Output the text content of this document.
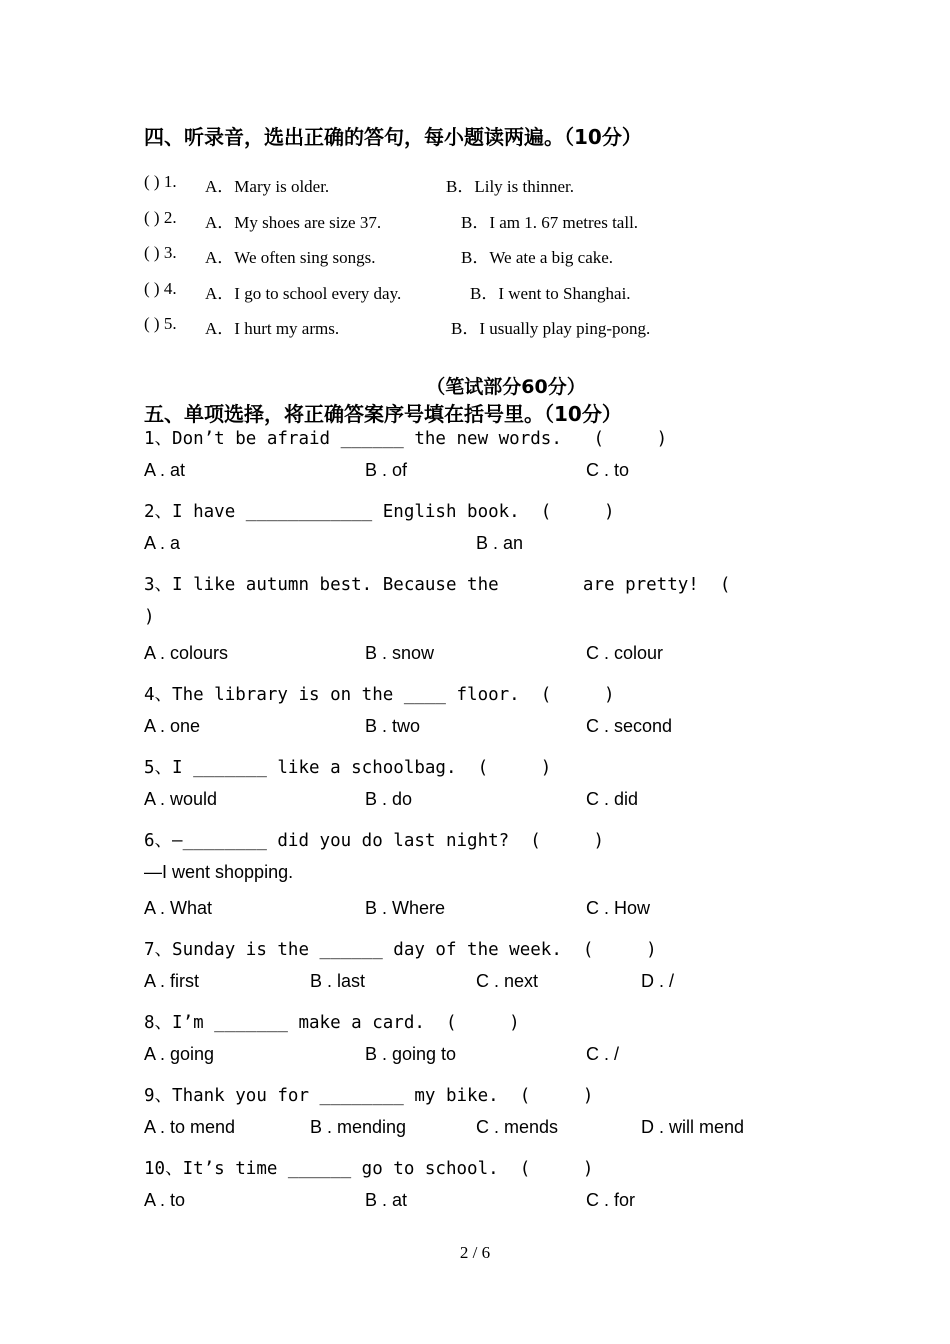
四、听录音，选出正确的答句，每小题读两遍。（10分）
( ) 1. A．Mary is older.	B．Lily is thinner.
( ) 2. A．My shoes are size 37.	B．I am 1. 67 metres tall.
( ) 3. A．We often sing songs.	B．We ate a big cake.
( ) 4. A．I go to school every day.	B．I went to Shanghai.
( ) 5. A．I hurt my arms.	B．I usually play ping-pong.
（笔试部分60分）
五、单项选择，将正确答案序号填在括号里。（10分）
1、Don’t be afraid ______ the new words.   (     )
A . at	B . of	C . to
2、I have ____________ English book.  (     )
A . a	B . an
3、I like autumn best. Because the        are pretty!  (
)
A . colours	B . snow	C . colour
4、The library is on the ____ floor.  (     )
A . one	B . two	C . second
5、I _______ like a schoolbag.  (     )
A . would	B . do	C . did
6、—________ did you do last night?  (     )
—I went shopping.
A . What	B . Where	C . How
7、Sunday is the ______ day of the week.  (     )
A . first	B . last	C . next	D . /
8、I’m _______ make a card.  (     )
A . going	B . going to	C . /
9、Thank you for ________ my bike.  (     )
A . to mend	B . mending	C . mends	D . will mend
10、It’s time ______ go to school.  (     )
A . to	B . at	C . for
2 / 6
